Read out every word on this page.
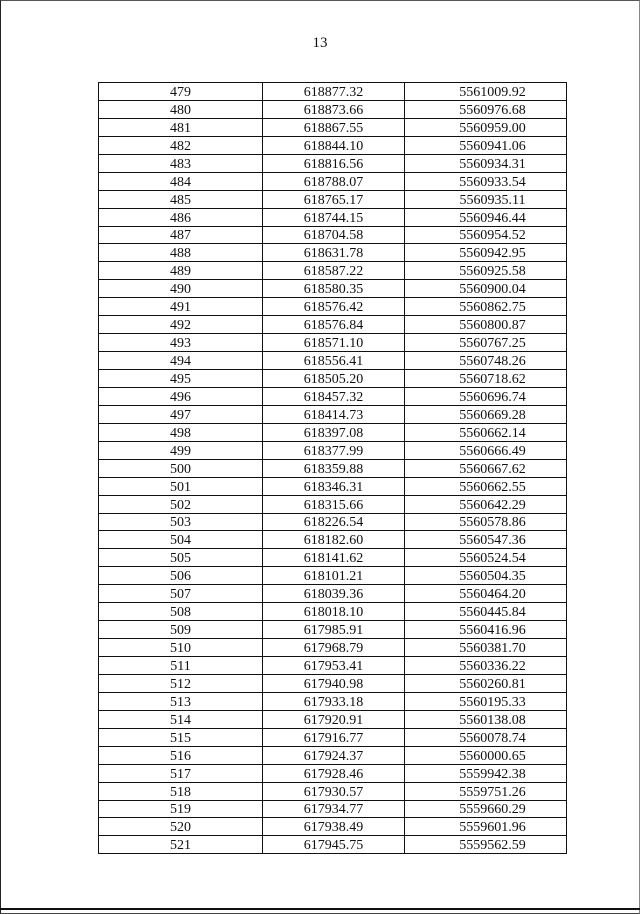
13
479	618877.32	5561009.92
480	618873.66	5560976.68
481	618867.55	5560959.00
482	618844.10	5560941.06
483	618816.56	5560934.31
484	618788.07	5560933.54
485	618765.17	5560935.11
486	618744.15	5560946.44
487	618704.58	5560954.52
488	618631.78	5560942.95
489	618587.22	5560925.58
490	618580.35	5560900.04
491	618576.42	5560862.75
492	618576.84	5560800.87
493	618571.10	5560767.25
494	618556.41	5560748.26
495	618505.20	5560718.62
496	618457.32	5560696.74
497	618414.73	5560669.28
498	618397.08	5560662.14
499	618377.99	5560666.49
500	618359.88	5560667.62
501	618346.31	5560662.55
502	618315.66	5560642.29
503	618226.54	5560578.86
504	618182.60	5560547.36
505	618141.62	5560524.54
506	618101.21	5560504.35
507	618039.36	5560464.20
508	618018.10	5560445.84
509	617985.91	5560416.96
510	617968.79	5560381.70
511	617953.41	5560336.22
512	617940.98	5560260.81
513	617933.18	5560195.33
514	617920.91	5560138.08
515	617916.77	5560078.74
516	617924.37	5560000.65
517	617928.46	5559942.38
518	617930.57	5559751.26
519	617934.77	5559660.29
520	617938.49	5559601.96
521	617945.75	5559562.59
